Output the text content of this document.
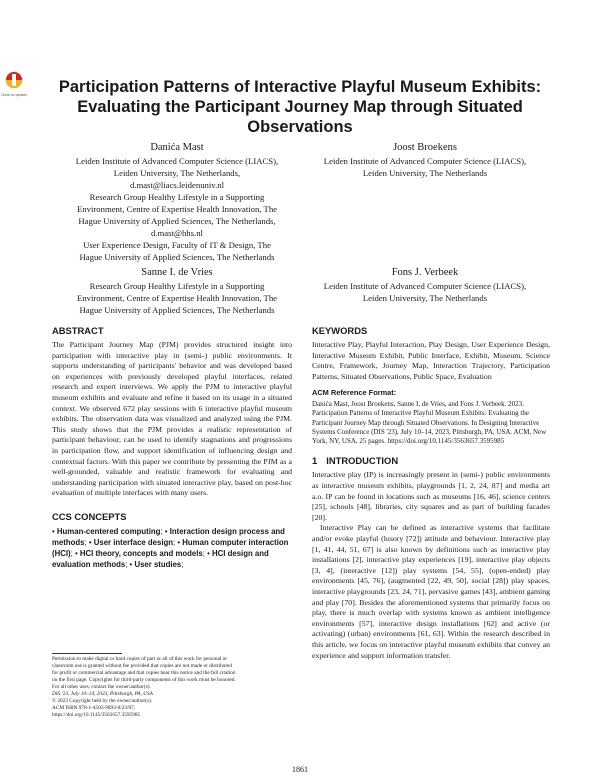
Check for updates	Participation Patterns of Interactive Playful Museum Exhibits:
Evaluating the Participant Journey Map through Situated
Observations
Danića Mast
Leiden Institute of Advanced Computer Science (LIACS),
Leiden University, The Netherlands,
d.mast@liacs.leidenuniv.nl
Research Group Healthy Lifestyle in a Supporting
Environment, Centre of Expertise Health Innovation, The
Hague University of Applied Sciences, The Netherlands,
d.mast@hhs.nl
User Experience Design, Faculty of IT & Design, The
Hague University of Applied Sciences, The Netherlands
Joost Broekens
Leiden Institute of Advanced Computer Science (LIACS),
Leiden University, The Netherlands
Sanne I. de Vries
Research Group Healthy Lifestyle in a Supporting
Environment, Centre of Expertise Health Innovation, The
Hague University of Applied Sciences, The Netherlands
Fons J. Verbeek
Leiden Institute of Advanced Computer Science (LIACS),
Leiden University, The Netherlands
ABSTRACT

The Participant Journey Map (PJM) provides structured insight into participation with interactive play in (semi-) public environments. It supports understanding of participants' behavior and was developed based on experiences with previously developed playful interfaces, related research and expert interviews. We apply the PJM to interactive playful museum exhibits and evaluate and refine it based on its usage in a situated context. We observed 672 play sessions with 6 interactive playful museum exhibits. The observation data was visualized and analyzed using the PJM. This study shows that the PJM provides a realistic representation of participant behaviour, can be used to identify stagnations and progressions in participation flow, and support identification of influencing design and contextual factors. With this paper we contribute by presenting the PJM as a well-grounded, valuable and realistic framework for evaluating and understanding participation with situated interactive play, based on post-hoc evaluation of multiple interfaces with many users.

CCS CONCEPTS
• Human-centered computing; • Interaction design process and methods; • User interface design; • Human computer interaction (HCI); • HCI theory, concepts and models; • HCI design and evaluation methods; • User studies;
Permission to make digital or hard copies of part or all of this work for personal or
classroom use is granted without fee provided that copies are not made or distributed
for profit or commercial advantage and that copies bear this notice and the full citation
on the first page. Copyrights for third-party components of this work must be honored.
For all other uses, contact the owner/author(s).
DIS '23, July 10–14, 2023, Pittsburgh, PA, USA
© 2023 Copyright held by the owner/author(s).
ACM ISBN 978-1-4503-9893-0/23/07.
https://doi.org/10.1145/3563657.3595985
KEYWORDS

Interactive Play, Playful Interaction, Play Design, User Experience Design, Interactive Museum Exhibit, Public Interface, Exhibit, Museum, Science Centre, Framework, Journey Map, Interaction Trajectory, Participation Patterns, Situated Observations, Public Space, Evaluation

ACM Reference Format:

Danića Mast, Joost Broekens, Sanne I. de Vries, and Fons J. Verbeek. 2023. Participation Patterns of Interactive Playful Museum Exhibits: Evaluating the Participant Journey Map through Situated Observations. In Designing Interactive Systems Conference (DIS '23), July 10–14, 2023, Pittsburgh, PA, USA. ACM, New York, NY, USA, 25 pages. https://doi.org/10.1145/3563657.3595985

1 INTRODUCTION

Interactive play (IP) is increasingly present in (semi-) public environments as interactive museum exhibits, playgrounds [1, 2, 24, 87] and media art a.o. IP can be found in locations such as museums [16, 46], science centers [25], schools [48], libraries, city squares and as part of building facades [20].

Interactive Play can be defined as interactive systems that facilitate and/or evoke playful (lusory [72]) attitude and behaviour. Interactive play [1, 41, 44, 51, 67] is also known by definitions such as interactive play installations [2], interactive play experiences [19], interactive play objects [3, 4], (interactive [12]) play systems [54, 55], (open-ended) play environments [45, 76], (augmented [22, 49, 50], social [28]) play spaces, interactive playgrounds [23, 24, 71], pervasive games [43], ambient gaming and play [70]. Besides the aforementioned systems that primarily focus on play, there is much overlap with systems known as ambient intelligence environments [57], interactive design installations [62] and active (or activating) (urban) environments [61, 63]. Within the research described in this article, we focus on interactive playful museum exhibits that convey an experience and support information transfer.

1861
